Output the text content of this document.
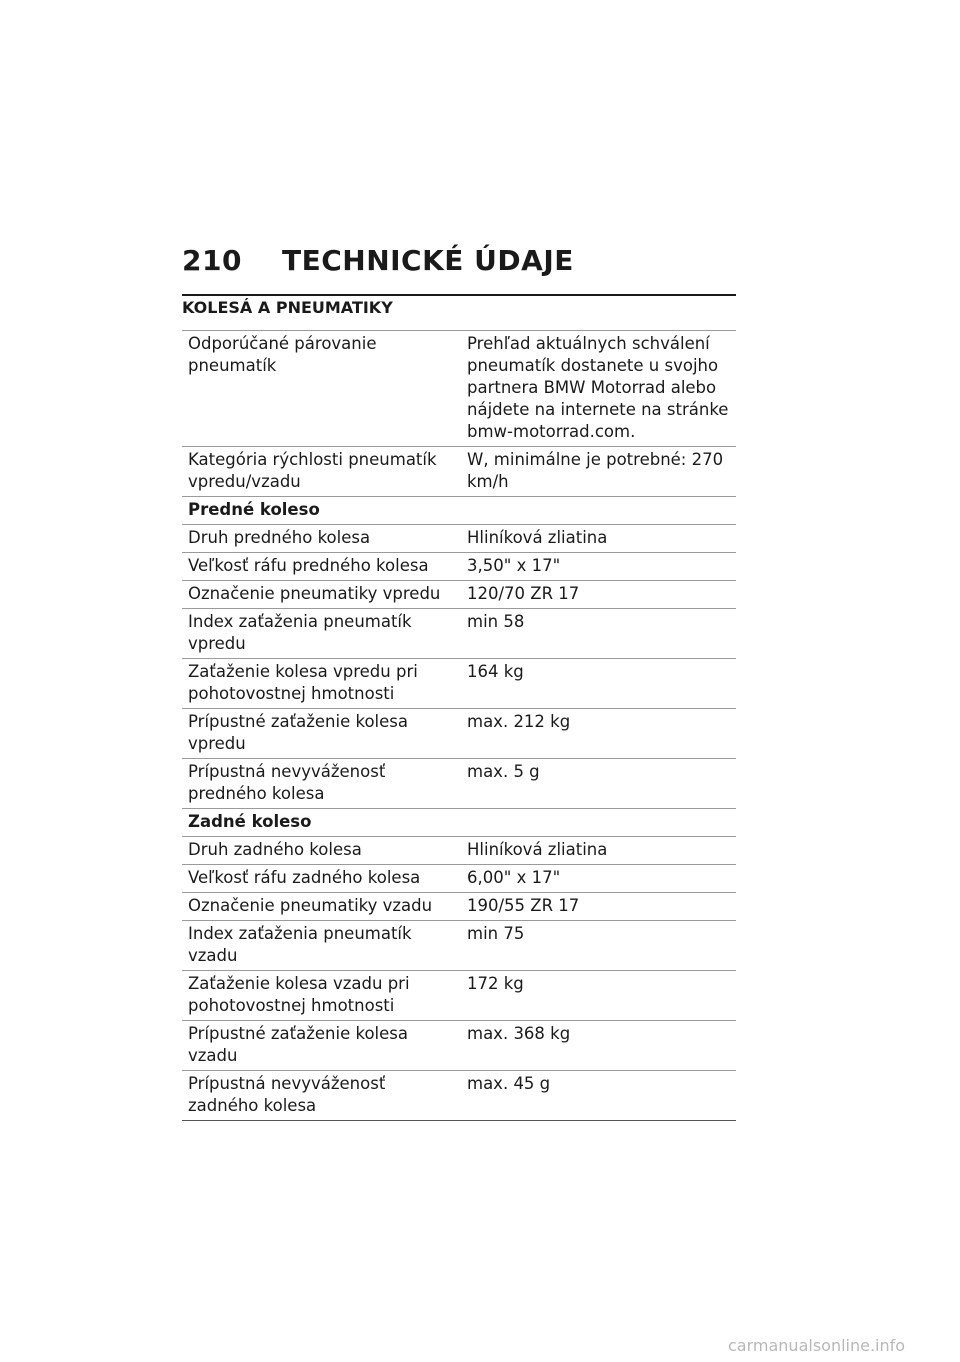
210 TECHNICKÉ ÚDAJE
KOLESÁ A PNEUMATIKY
Odporúčané párovanie pneumatík	Prehľad aktuálnych schválení pneumatík dostanete u svojho partnera BMW Motorrad alebo nájdete na internete na stránke bmw-motorrad.com.
Kategória rýchlosti pneumatík vpredu/vzadu	W, minimálne je potrebné: 270 km/h
Predné koleso	
Druh predného kolesa	Hliníková zliatina
Veľkosť ráfu predného kolesa	3,50" x 17"
Označenie pneumatiky vpredu	120/70 ZR 17
Index zaťaženia pneumatík vpredu	min 58
Zaťaženie kolesa vpredu pri pohotovostnej hmotnosti	164 kg
Prípustné zaťaženie kolesa vpredu	max. 212 kg
Prípustná nevyváženosť predného kolesa	max. 5 g
Zadné koleso	
Druh zadného kolesa	Hliníková zliatina
Veľkosť ráfu zadného kolesa	6,00" x 17"
Označenie pneumatiky vzadu	190/55 ZR 17
Index zaťaženia pneumatík vzadu	min 75
Zaťaženie kolesa vzadu pri pohotovostnej hmotnosti	172 kg
Prípustné zaťaženie kolesa vzadu	max. 368 kg
Prípustná nevyváženosť zadného kolesa	max. 45 g
carmanualsonline.info
